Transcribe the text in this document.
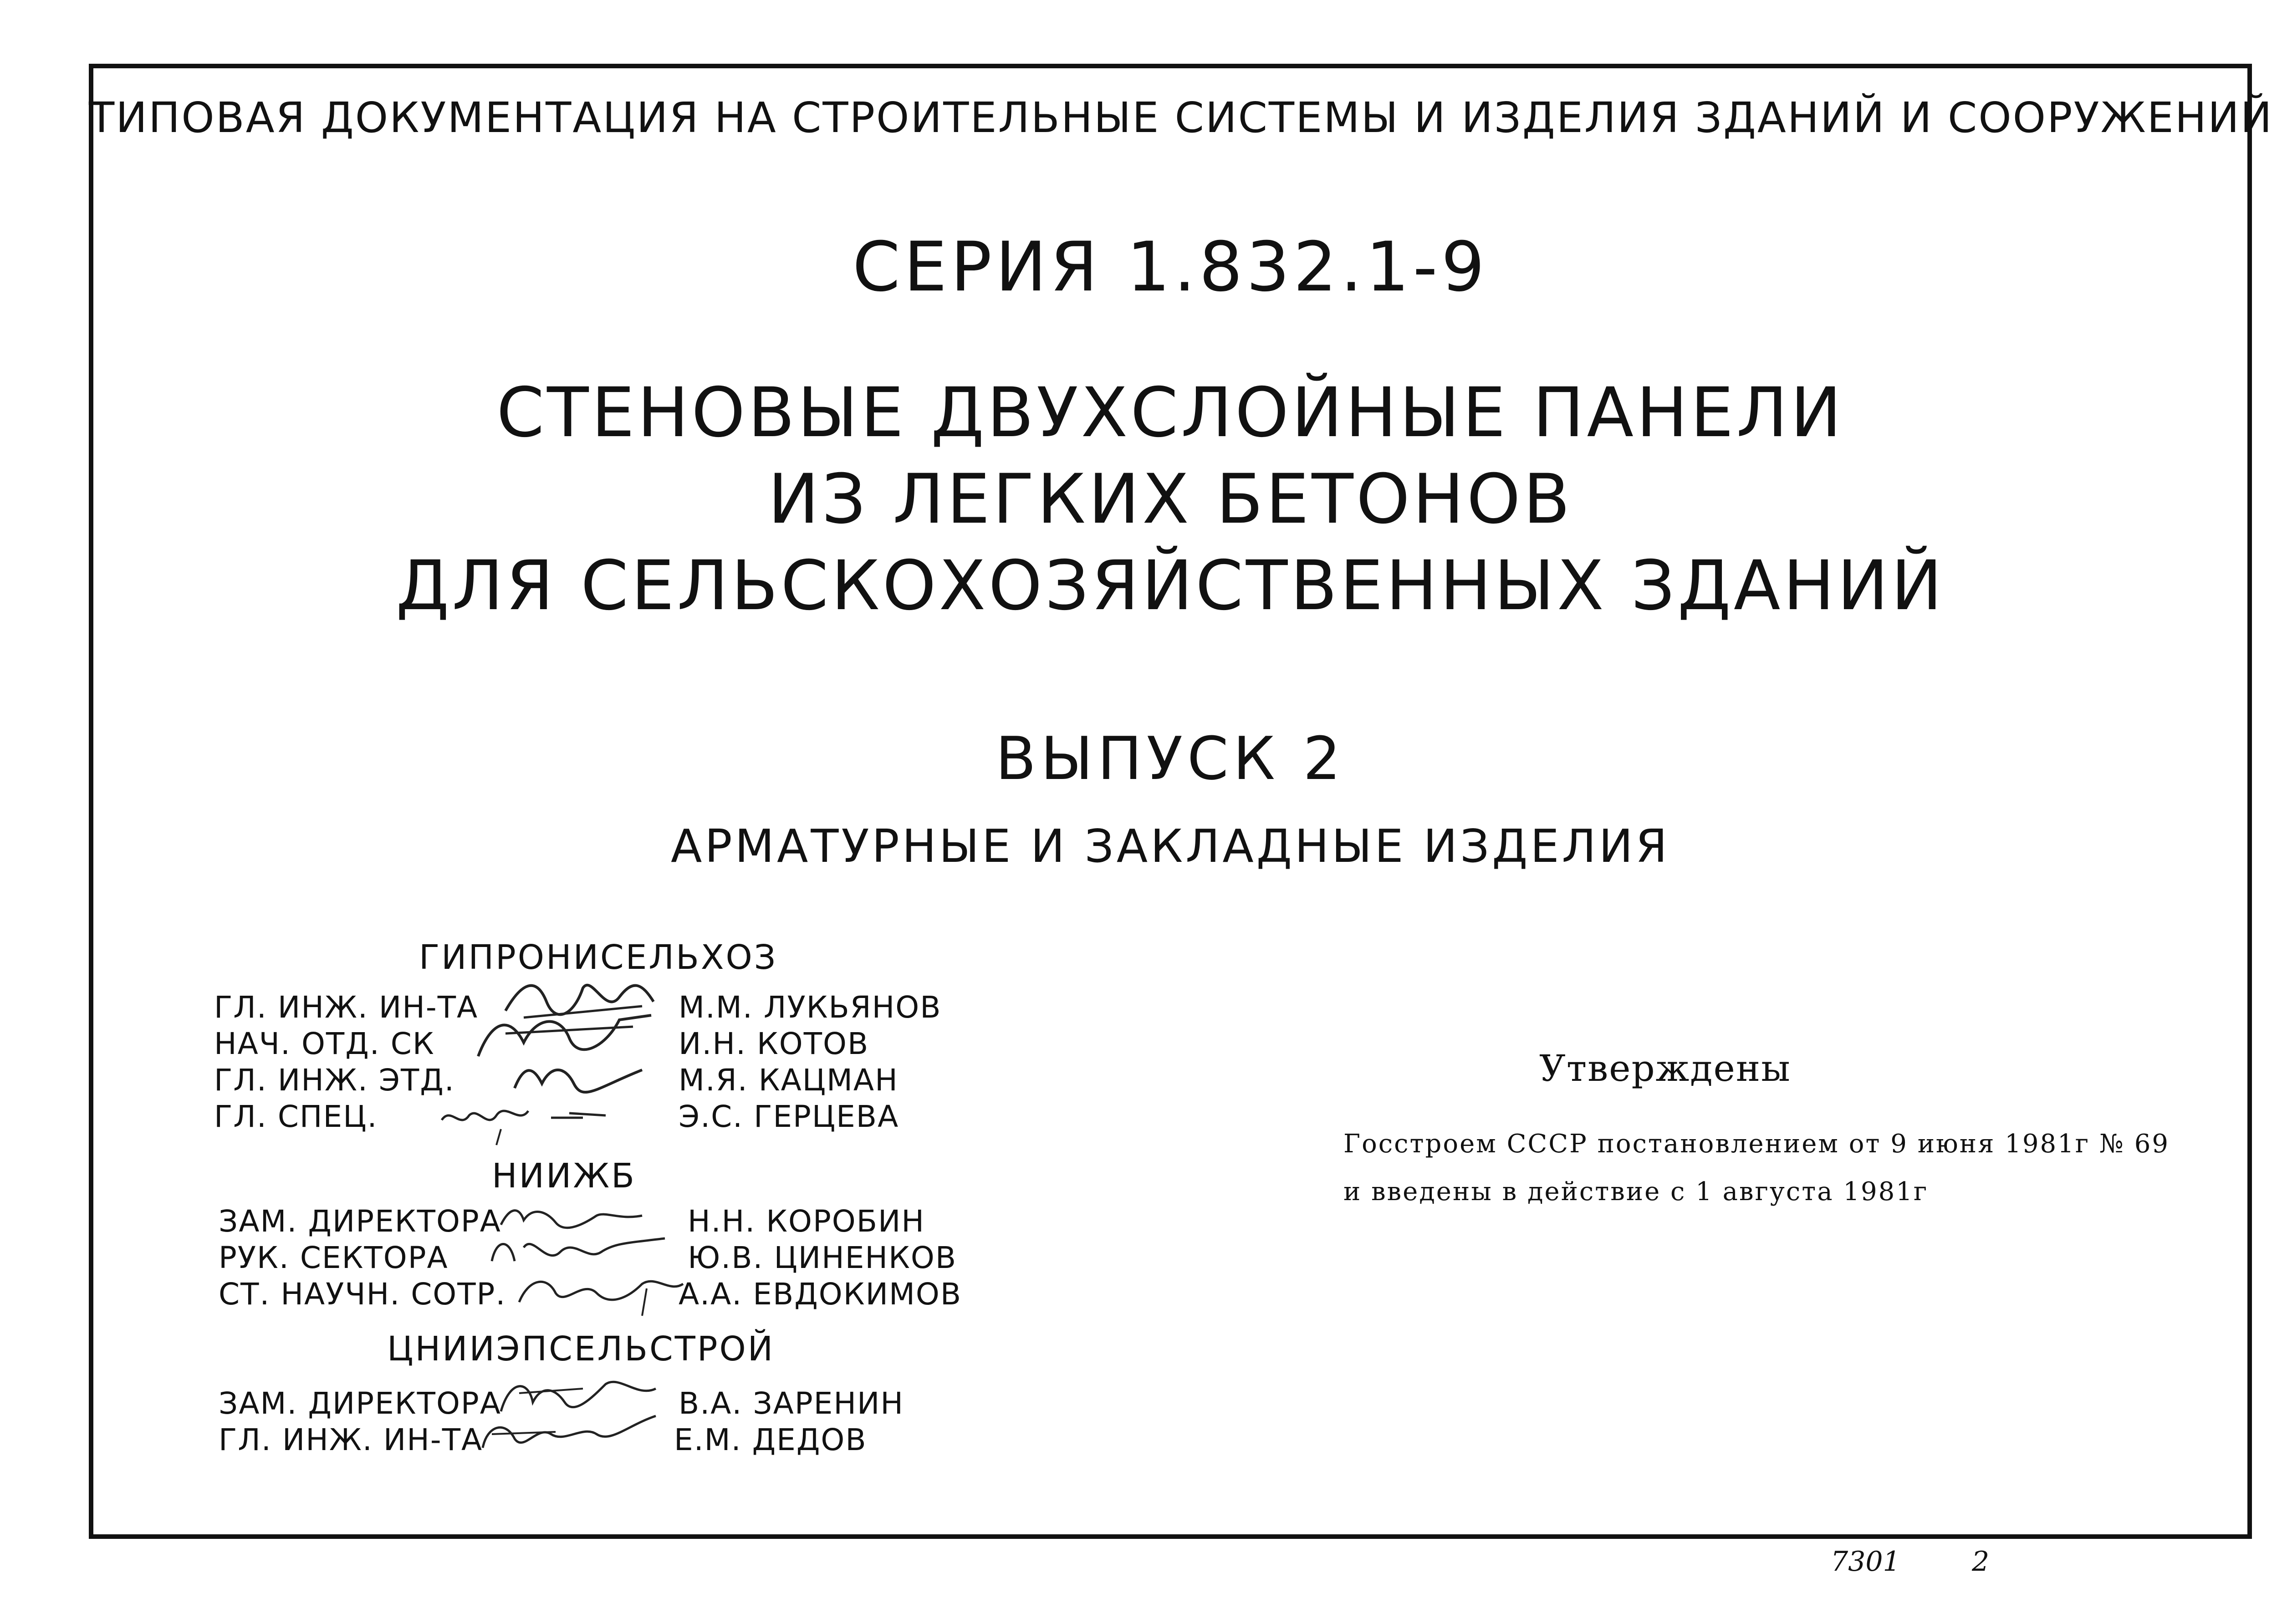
ТИПОВАЯ ДОКУМЕНТАЦИЯ НА СТРОИТЕЛЬНЫЕ СИСТЕМЫ И ИЗДЕЛИЯ ЗДАНИЙ И СООРУЖЕНИЙ
СЕРИЯ 1.832.1-9
СТЕНОВЫЕ ДВУХСЛОЙНЫЕ ПАНЕЛИ
ИЗ ЛЕГКИХ БЕТОНОВ
ДЛЯ СЕЛЬСКОХОЗЯЙСТВЕННЫХ ЗДАНИЙ
ВЫПУСК 2
АРМАТУРНЫЕ И ЗАКЛАДНЫЕ ИЗДЕЛИЯ
ГИПРОНИСЕЛЬХОЗ
ГЛ. ИНЖ. ИН-ТА	М.М. ЛУКЬЯНОВ
НАЧ. ОТД. СК	И.Н. КОТОВ
ГЛ. ИНЖ. ЭТД.	М.Я. КАЦМАН
ГЛ. СПЕЦ.	Э.С. ГЕРЦЕВА
НИИЖБ
ЗАМ. ДИРЕКТОРА	Н.Н. КОРОБИН
РУК. СЕКТОРА	Ю.В. ЦИНЕНКОВ
СТ. НАУЧН. СОТР.	А.А. ЕВДОКИМОВ
ЦНИИЭПСЕЛЬСТРОЙ
ЗАМ. ДИРЕКТОРА	В.А. ЗАРЕНИН
ГЛ. ИНЖ. ИН-ТА	Е.М. ДЕДОВ
Утверждены
Госстроем СССР постановлением от 9 июня 1981г № 69
и введены в действие с 1 августа 1981г
7301	2
